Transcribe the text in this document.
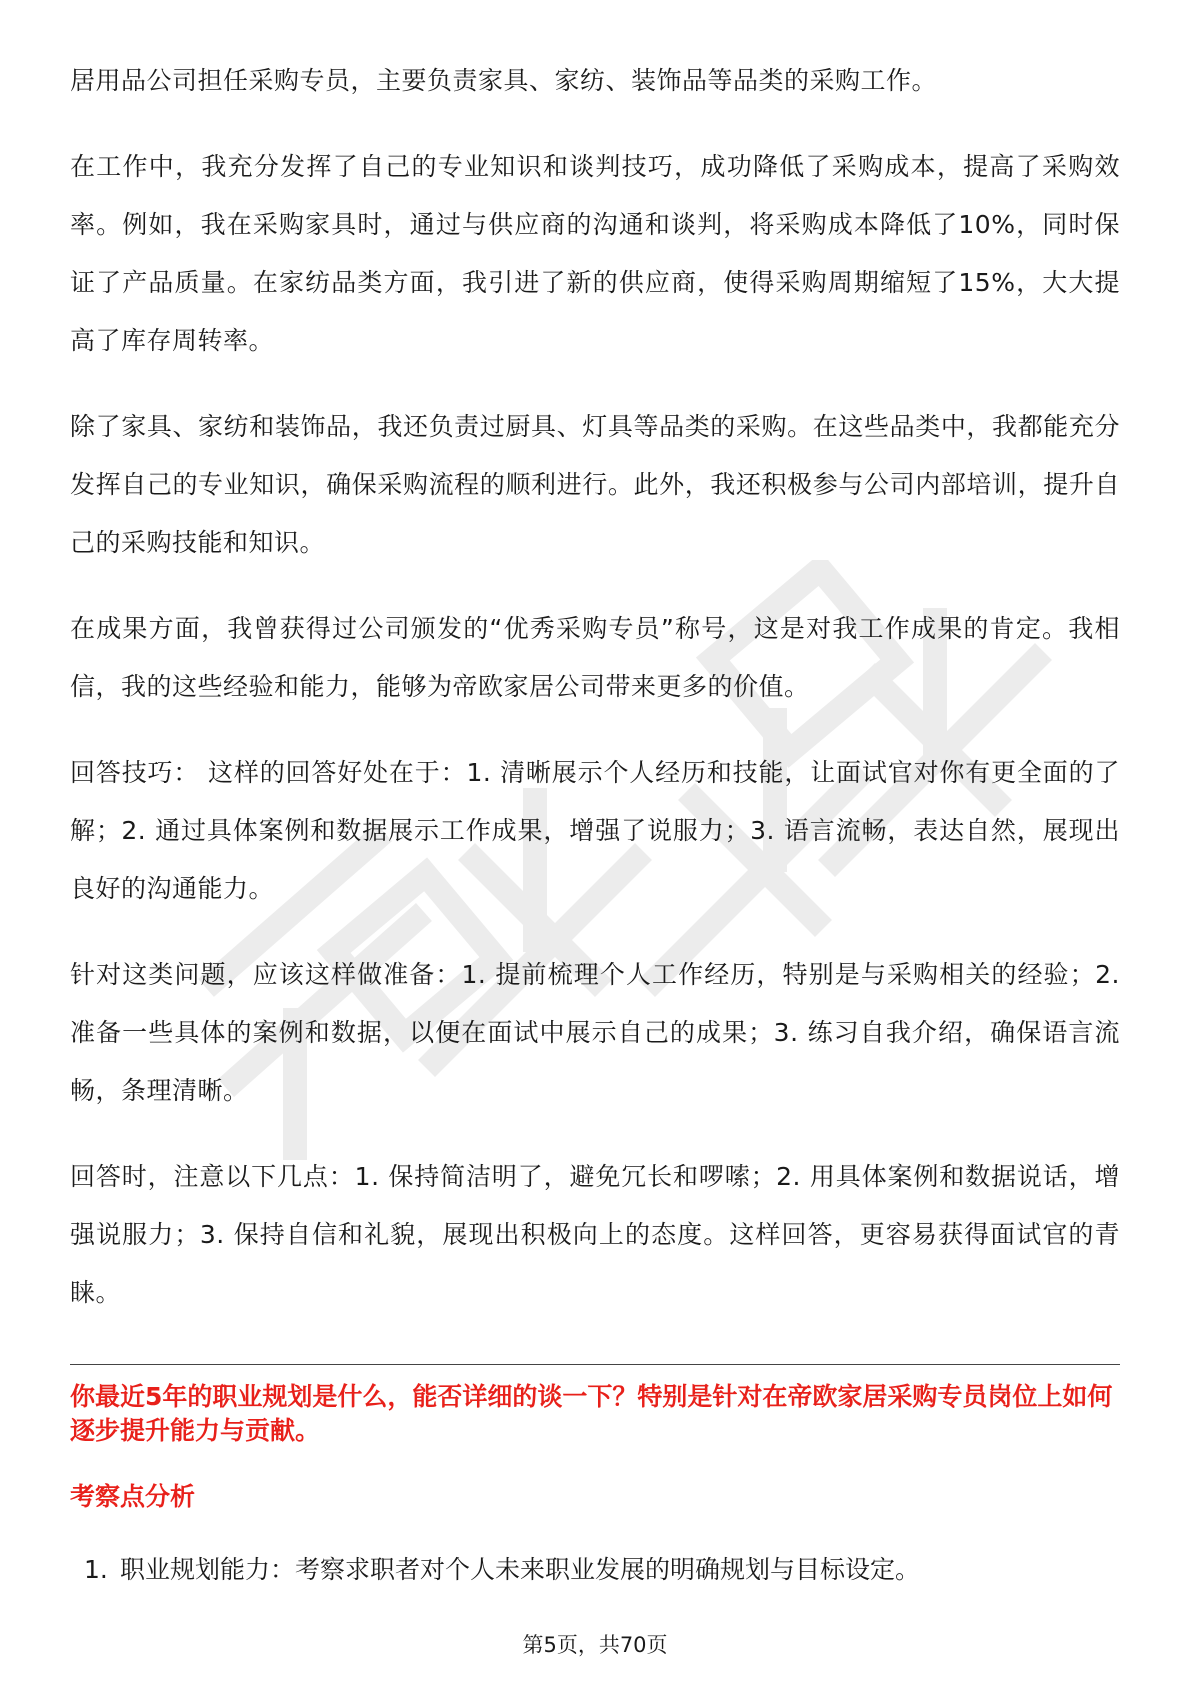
居用品公司担任采购专员，主要负责家具、家纺、装饰品等品类的采购工作。

在工作中，我充分发挥了自己的专业知识和谈判技巧，成功降低了采购成本，提高了采购效率。例如，我在采购家具时，通过与供应商的沟通和谈判，将采购成本降低了10%，同时保证了产品质量。在家纺品类方面，我引进了新的供应商，使得采购周期缩短了15%，大大提高了库存周转率。

除了家具、家纺和装饰品，我还负责过厨具、灯具等品类的采购。在这些品类中，我都能充分发挥自己的专业知识，确保采购流程的顺利进行。此外，我还积极参与公司内部培训，提升自己的采购技能和知识。

在成果方面，我曾获得过公司颁发的“优秀采购专员”称号，这是对我工作成果的肯定。我相信，我的这些经验和能力，能够为帝欧家居公司带来更多的价值。

回答技巧： 这样的回答好处在于：1. 清晰展示个人经历和技能，让面试官对你有更全面的了解；2. 通过具体案例和数据展示工作成果，增强了说服力；3. 语言流畅，表达自然，展现出良好的沟通能力。

针对这类问题，应该这样做准备：1. 提前梳理个人工作经历，特别是与采购相关的经验；2. 准备一些具体的案例和数据，以便在面试中展示自己的成果；3. 练习自我介绍，确保语言流畅，条理清晰。

回答时，注意以下几点：1. 保持简洁明了，避免冗长和啰嗦；2. 用具体案例和数据说话，增强说服力；3. 保持自信和礼貌，展现出积极向上的态度。这样回答，更容易获得面试官的青睐。

你最近5年的职业规划是什么，能否详细的谈一下？特别是针对在帝欧家居采购专员岗位上如何逐步提升能力与贡献。

考察点分析

1. 职业规划能力：考察求职者对个人未来职业发展的明确规划与目标设定。
第5页，共70页
